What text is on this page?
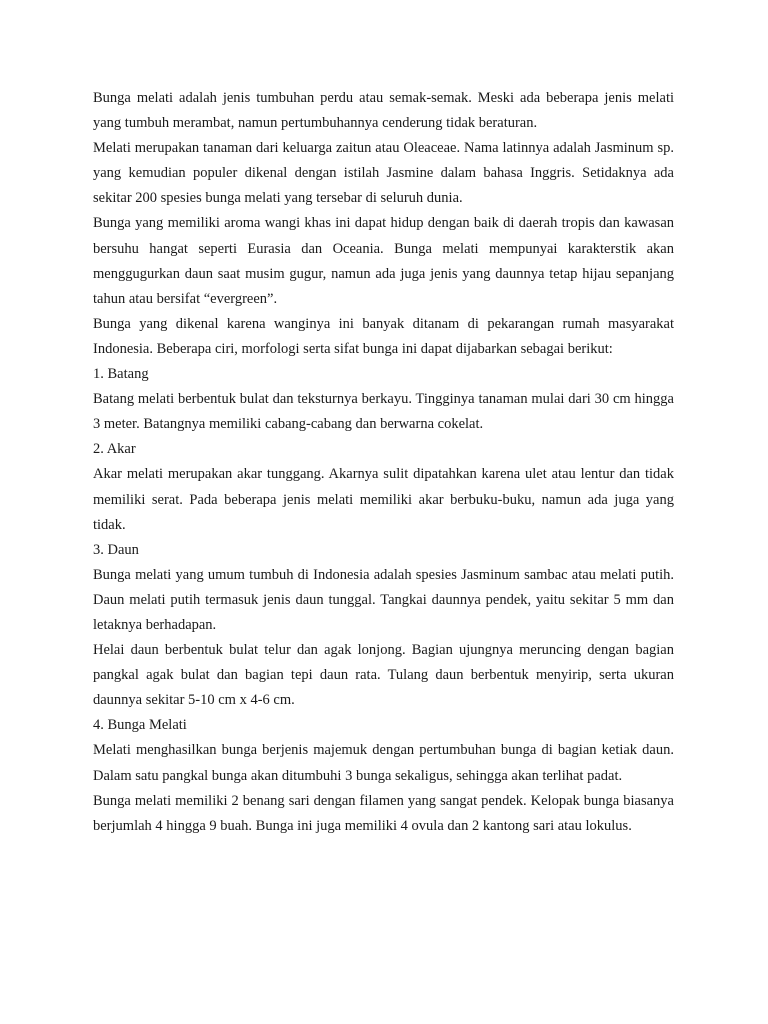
Bunga melati adalah jenis tumbuhan perdu atau semak-semak. Meski ada beberapa jenis melati yang tumbuh merambat, namun pertumbuhannya cenderung tidak beraturan.

Melati merupakan tanaman dari keluarga zaitun atau Oleaceae. Nama latinnya adalah Jasminum sp. yang kemudian populer dikenal dengan istilah Jasmine dalam bahasa Inggris. Setidaknya ada sekitar 200 spesies bunga melati yang tersebar di seluruh dunia.

Bunga yang memiliki aroma wangi khas ini dapat hidup dengan baik di daerah tropis dan kawasan bersuhu hangat seperti Eurasia dan Oceania. Bunga melati mempunyai karakterstik akan menggugurkan daun saat musim gugur, namun ada juga jenis yang daunnya tetap hijau sepanjang tahun atau bersifat “evergreen”.

Bunga yang dikenal karena wanginya ini banyak ditanam di pekarangan rumah masyarakat Indonesia. Beberapa ciri, morfologi serta sifat bunga ini dapat dijabarkan sebagai berikut:

1. Batang

Batang melati berbentuk bulat dan teksturnya berkayu. Tingginya tanaman mulai dari 30 cm hingga 3 meter. Batangnya memiliki cabang-cabang dan berwarna cokelat.

2. Akar

Akar melati merupakan akar tunggang. Akarnya sulit dipatahkan karena ulet atau lentur dan tidak memiliki serat. Pada beberapa jenis melati memiliki akar berbuku-buku, namun ada juga yang tidak.

3. Daun

Bunga melati yang umum tumbuh di Indonesia adalah spesies Jasminum sambac atau melati putih. Daun melati putih termasuk jenis daun tunggal. Tangkai daunnya pendek, yaitu sekitar 5 mm dan letaknya berhadapan.

Helai daun berbentuk bulat telur dan agak lonjong. Bagian ujungnya meruncing dengan bagian pangkal agak bulat dan bagian tepi daun rata. Tulang daun berbentuk menyirip, serta ukuran daunnya sekitar 5-10 cm x 4-6 cm.

4. Bunga Melati

Melati menghasilkan bunga berjenis majemuk dengan pertumbuhan bunga di bagian ketiak daun. Dalam satu pangkal bunga akan ditumbuhi 3 bunga sekaligus, sehingga akan terlihat padat.

Bunga melati memiliki 2 benang sari dengan filamen yang sangat pendek. Kelopak bunga biasanya berjumlah 4 hingga 9 buah. Bunga ini juga memiliki 4 ovula dan 2 kantong sari atau lokulus.
